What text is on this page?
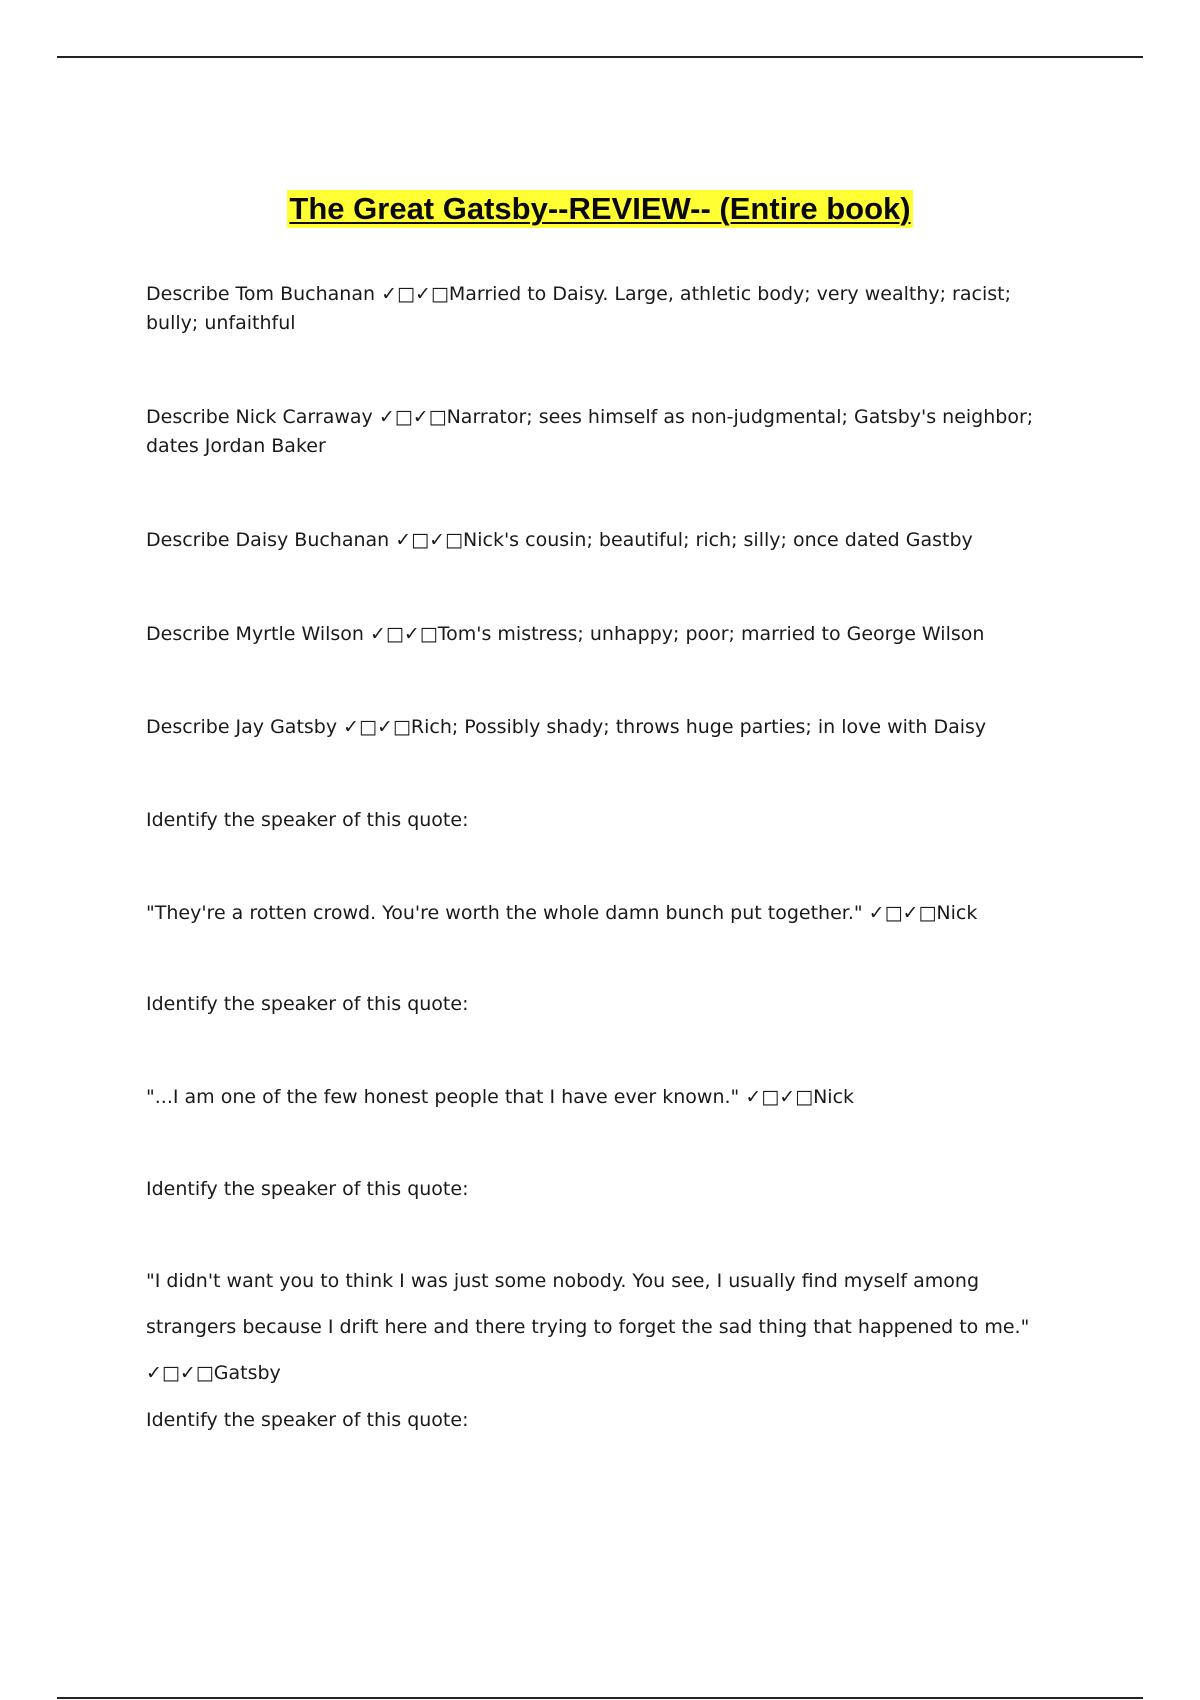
The Great Gatsby--REVIEW-- (Entire book)
Describe Tom Buchanan ✓□✓□Married to Daisy. Large, athletic body; very wealthy; racist; bully; unfaithful
Describe Nick Carraway ✓□✓□Narrator; sees himself as non-judgmental; Gatsby's neighbor; dates Jordan Baker
Describe Daisy Buchanan ✓□✓□Nick's cousin; beautiful; rich; silly; once dated Gastby
Describe Myrtle Wilson ✓□✓□Tom's mistress; unhappy; poor; married to George Wilson
Describe Jay Gatsby ✓□✓□Rich; Possibly shady; throws huge parties; in love with Daisy
Identify the speaker of this quote:
"They're a rotten crowd. You're worth the whole damn bunch put together." ✓□✓□Nick
Identify the speaker of this quote:
"...I am one of the few honest people that I have ever known." ✓□✓□Nick
Identify the speaker of this quote:
"I didn't want you to think I was just some nobody. You see, I usually find myself among strangers because I drift here and there trying to forget the sad thing that happened to me." ✓□✓□Gatsby
Identify the speaker of this quote:
